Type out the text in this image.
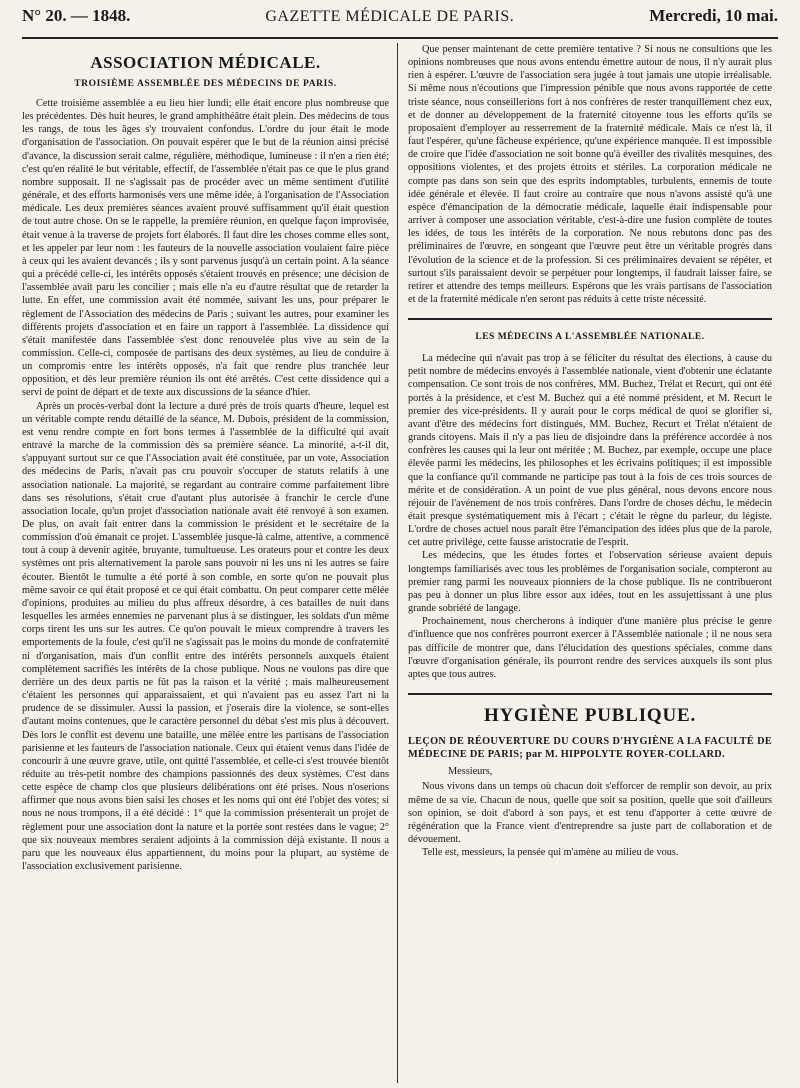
N° 20. — 1848.	GAZETTE MÉDICALE DE PARIS.	Mercredi, 10 mai.
ASSOCIATION MÉDICALE.
TROISIÈME ASSEMBLÉE DES MÉDECINS DE PARIS.

Cette troisième assemblée a eu lieu hier lundi; elle était encore plus nombreuse que les précédentes. Dès huit heures, le grand amphithéâtre était plein. Des médecins de tous les rangs, de tous les âges s'y trouvaient confondus. L'ordre du jour était le mode d'organisation de l'association. On pouvait espérer que le but de la réunion ainsi précisé d'avance, la discussion serait calme, régulière, méthodique, lumineuse : il n'en a rien été; c'est qu'en réalité le but véritable, effectif, de l'assemblée n'était pas ce que le plus grand nombre supposait. Il ne s'agissait pas de procéder avec un même sentiment d'utilité générale, et des efforts harmonisés vers une même idée, à l'organisation de l'Association médicale. Les deux premières séances avaient prouvé suffisamment qu'il était question de tout autre chose. On se le rappelle, la première réunion, en quelque façon improvisée, était venue à la traverse de projets fort élaborés. Il faut dire les choses comme elles sont, et les appeler par leur nom : les fauteurs de la nouvelle association voulaient faire pièce à ceux qui les avaient devancés ; ils y sont parvenus jusqu'à un certain point. A la séance qui a précédé celle-ci, les intérêts opposés s'étaient trouvés en présence; une décision de l'assemblée avait paru les concilier ; mais elle n'a eu d'autre résultat que de retarder la lutte. En effet, une commission avait été nommée, suivant les uns, pour préparer le règlement de l'Association des médecins de Paris ; suivant les autres, pour examiner les différents projets d'association et en faire un rapport à l'assemblée. La dissidence qui s'était manifestée dans l'assemblée s'est donc renouvelée plus vive au sein de la commission. Celle-ci, composée de partisans des deux systèmes, au lieu de conduire à un compromis entre les intérêts opposés, n'a fait que rendre plus tranchée leur opposition, et dès leur première réunion ils ont été arrêtés. C'est cette dissidence qui a servi de point de départ et de texte aux discussions de la séance d'hier.

Après un procès-verbal dont la lecture a duré près de trois quarts d'heure, lequel est un véritable compte rendu détaillé de la séance, M. Dubois, président de la commission, est venu rendre compte en fort bons termes à l'assemblée de la difficulté qui avait entravé la marche de la commission dès sa première séance. La minorité, a-t-il dit, s'appuyant surtout sur ce que l'Association avait été constituée, par un vote, Association des médecins de Paris, n'avait pas cru pouvoir s'occuper de statuts relatifs à une association nationale. La majorité, se regardant au contraire comme parfaitement libre dans ses résolutions, s'était crue d'autant plus autorisée à franchir le cercle d'une association locale, qu'un projet d'association nationale avait été renvoyé à son examen. De plus, on avait fait entrer dans la commission le président et le secrétaire de la commission d'où émanait ce projet. L'assemblée jusque-là calme, attentive, a commencé tout à coup à devenir agitée, bruyante, tumultueuse. Les orateurs pour et contre les deux systèmes ont pris alternativement la parole sans pouvoir ni les uns ni les autres se faire écouter. Bientôt le tumulte a été porté à son comble, en sorte qu'on ne pouvait plus même savoir ce qui était proposé et ce qui était combattu. On peut comparer cette mêlée d'opinions, produites au milieu du plus affreux désordre, à ces batailles de nuit dans lesquelles les armées ennemies ne parvenant plus à se distinguer, les soldats d'un même corps tirent les uns sur les autres. Ce qu'on pouvait le mieux comprendre à travers les emportements de la foule, c'est qu'il ne s'agissait pas le moins du monde de confraternité ni d'organisation, mais d'un conflit entre des intérêts personnels auxquels étaient complètement sacrifiés les intérêts de la chose publique. Nous ne voulons pas dire que derrière un des deux partis ne fût pas la raison et la vérité ; mais malheureusement c'étaient les personnes qui apparaissaient, et qui n'avaient pas eu assez l'art ni la prudence de se dissimuler. Aussi la passion, et j'oserais dire la violence, se sont-elles d'autant moins contenues, que le caractère personnel du débat s'est mis plus à découvert. Dès lors le conflit est devenu une bataille, une mêlée entre les partisans de l'association parisienne et les fauteurs de l'association nationale. Ceux qui étaient venus dans l'idée de concourir à une œuvre grave, utile, ont quitté l'assemblée, et celle-ci s'est trouvée bientôt réduite au très-petit nombre des champions passionnés des deux systèmes. C'est dans cette espèce de champ clos que plusieurs délibérations ont été prises. Nous n'oserions affirmer que nous avons bien saisi les choses et les noms qui ont été l'objet des votes; si nous ne nous trompons, il a été décidé : 1° que la commission présenterait un projet de règlement pour une association dont la nature et la portée sont restées dans le vague; 2° que six nouveaux membres seraient adjoints à la commission déjà existante. Il nous a paru que les nouveaux élus appartiennent, du moins pour la plupart, au système de l'association exclusivement parisienne.

Que penser maintenant de cette première tentative ? Si nous ne consultions que les opinions nombreuses que nous avons entendu émettre autour de nous, il n'y aurait plus rien à espérer. L'œuvre de l'association sera jugée à tout jamais une utopie irréalisable. Si même nous n'écoutions que l'impression pénible que nous avons rapportée de cette triste séance, nous conseillerions fort à nos confrères de rester tranquillement chez eux, et de donner au développement de la fraternité citoyenne tous les efforts qu'ils se proposaient d'employer au resserrement de la fraternité médicale. Mais ce n'est là, il faut l'espérer, qu'une fâcheuse expérience, qu'une expérience manquée. Il est impossible de croire que l'idée d'association ne soit bonne qu'à éveiller des rivalités mesquines, des oppositions violentes, et des projets étroits et stériles. La corporation médicale ne compte pas dans son sein que des esprits indomptables, turbulents, ennemis de toute idée générale et élevée. Il faut croire au contraire que nous n'avons assisté qu'à une espèce d'émancipation de la démocratie médicale, laquelle était indispensable pour arriver à composer une association véritable, c'est-à-dire une fusion complète de toutes les idées, de tous les intérêts de la corporation. Ne nous rebutons donc pas des préliminaires de l'œuvre, en songeant que l'œuvre peut être un véritable progrès dans l'évolution de la science et de la profession. Si ces préliminaires devaient se répéter, et surtout s'ils paraissaient devoir se perpétuer pour longtemps, il faudrait laisser faire, se retirer et attendre des temps meilleurs. Espérons que les vrais partisans de l'association et de la fraternité médicale n'en seront pas réduits à cette triste nécessité.

LES MÉDECINS A L'ASSEMBLÉE NATIONALE.

La médecine qui n'avait pas trop à se féliciter du résultat des élections, à cause du petit nombre de médecins envoyés à l'assemblée nationale, vient d'obtenir une éclatante compensation. Ce sont trois de nos confrères, MM. Buchez, Trélat et Recurt, qui ont été portés à la présidence, et c'est M. Buchez qui a été nommé président, et M. Recurt le premier des vice-présidents. Il y aurait pour le corps médical de quoi se glorifier si, avant d'être des médecins fort distingués, MM. Buchez, Recurt et Trélat n'étaient de grands citoyens. Mais il n'y a pas lieu de disjoindre dans la préférence accordée à nos confrères les causes qui la leur ont méritée ; M. Buchez, par exemple, occupe une place élevée parmi les médecins, les philosophes et les écrivains politiques; il est impossible que la confiance qu'il commande ne participe pas tout à la fois de ces trois sources de mérite et de considération. A un point de vue plus général, nous devons encore nous réjouir de l'avénement de nos trois confrères. Dans l'ordre de choses déchu, le médecin était presque systématiquement mis à l'écart ; c'était le règne du parleur, du légiste. L'ordre de choses actuel nous paraît être l'émancipation des idées plus que de la parole, cet autre privilége, cette fausse aristocratie de l'esprit.

Les médecins, que les études fortes et l'observation sérieuse avaient depuis longtemps familiarisés avec tous les problèmes de l'organisation sociale, compteront au premier rang parmi les nouveaux pionniers de la chose publique. Ils ne contribueront pas peu à donner un plus libre essor aux idées, tout en les assujettissant à une plus grande sobriété de langage.

Prochainement, nous chercherons à indiquer d'une manière plus précise le genre d'influence que nos confrères pourront exercer à l'Assemblée nationale ; il ne nous sera pas difficile de montrer que, dans l'élucidation des questions spéciales, comme dans l'œuvre d'organisation générale, ils pourront rendre des services auxquels ils sont plus aptes que tous autres.

HYGIÈNE PUBLIQUE.

LEÇON DE RÉOUVERTURE DU COURS D'HYGIÈNE A LA FACULTÉ DE MÉDECINE DE PARIS; par M. HIPPOLYTE ROYER-COLLARD.

Messieurs,

Nous vivons dans un temps où chacun doit s'efforcer de remplir son devoir, au prix même de sa vie. Chacun de nous, quelle que soit sa position, quelle que soit d'ailleurs son opinion, se doit d'abord à son pays, et est tenu d'apporter à cette œuvre de régénération que la France vient d'entreprendre sa juste part de collaboration et de dévouement.

Telle est, messieurs, la pensée qui m'amène au milieu de vous.
